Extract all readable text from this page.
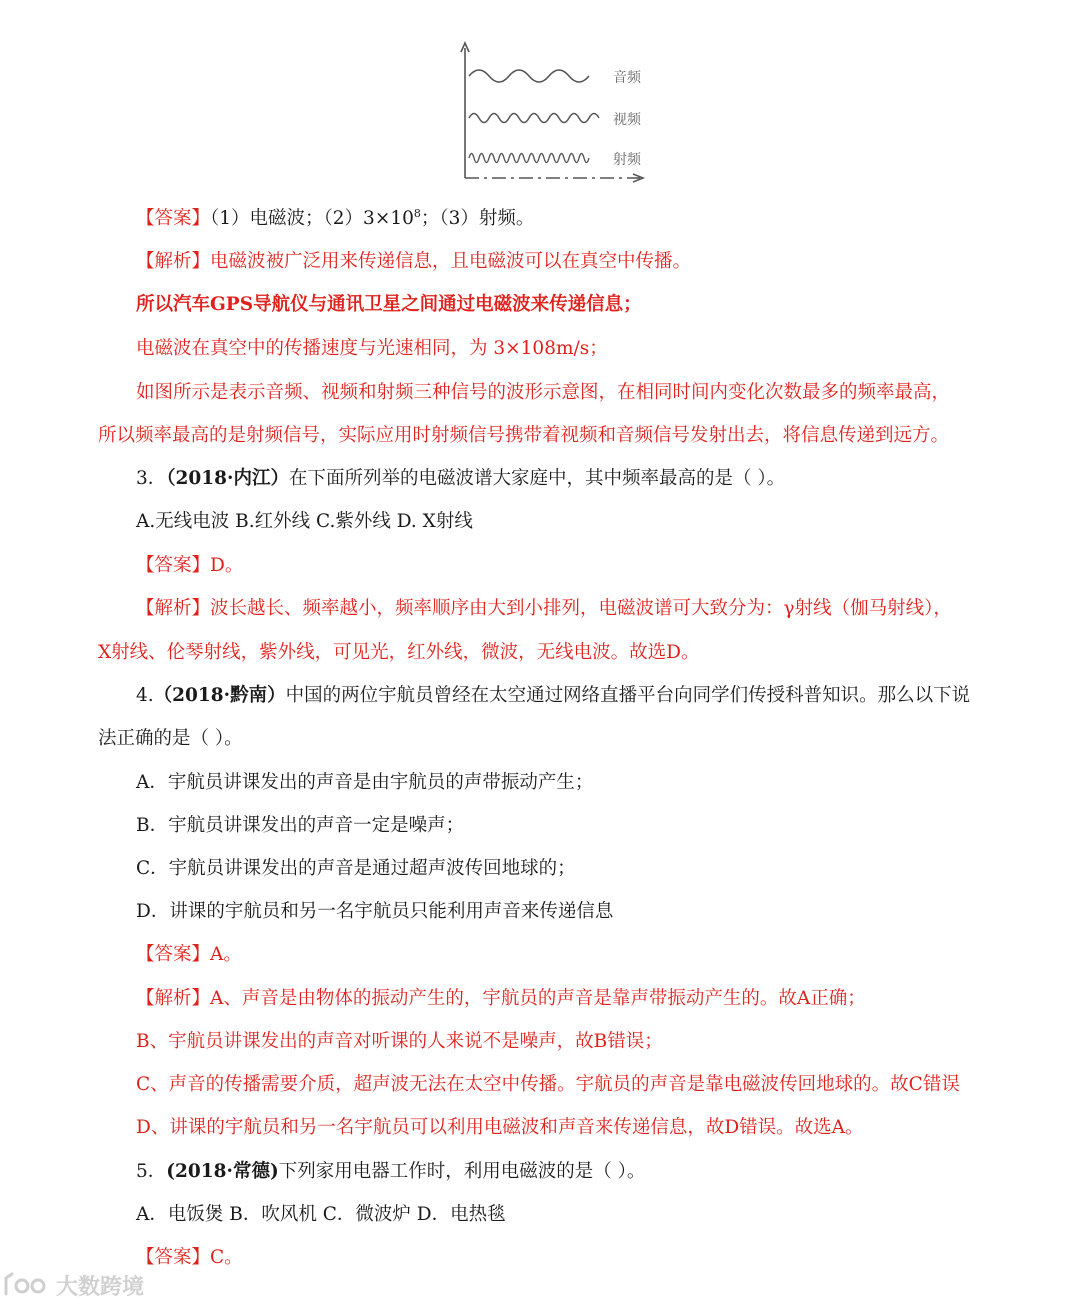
音频
视频
射频
【答案】（1）电磁波；$(2)3\times 10^8$；（3）射频。
【解析】电磁波被广泛用来传递信息，且电磁波可以在真空中传播。
所以汽车GPS导航仪与通讯卫星之间通过电磁波来传递信息；
电磁波在真空中的传播速度与光速相同，为 3×108m/s；
如图所示是表示音频、视频和射频三种信号的波形示意图，在相同时间内变化次数最多的频率最高，
所以频率最高的是射频信号，实际应用时射频信号携带着视频和音频信号发射出去，将信息传递到远方。
3．（2018·内江）在下面所列举的电磁波谱大家庭中，其中频率最高的是（ ）。
A.无线电波 B.红外线 C.紫外线 D. X射线
【答案】D。
【解析】波长越长、频率越小，频率顺序由大到小排列，电磁波谱可大致分为：γ射线（伽马射线），
X射线、伦琴射线，紫外线，可见光，红外线，微波，无线电波。故选D。
4.（2018·黔南）中国的两位宇航员曾经在太空通过网络直播平台向同学们传授科普知识。那么以下说
法正确的是（ ）。
A．宇航员讲课发出的声音是由宇航员的声带振动产生；
B．宇航员讲课发出的声音一定是噪声；
C．宇航员讲课发出的声音是通过超声波传回地球的；
D．讲课的宇航员和另一名宇航员只能利用声音来传递信息
【答案】A。
【解析】A、声音是由物体的振动产生的，宇航员的声音是靠声带振动产生的。故A正确；
B、宇航员讲课发出的声音对听课的人来说不是噪声，故B错误；
C、声音的传播需要介质，超声波无法在太空中传播。宇航员的声音是靠电磁波传回地球的。故C错误
D、讲课的宇航员和另一名宇航员可以利用电磁波和声音来传递信息，故D错误。故选A。
5．(2018·常德)下列家用电器工作时，利用电磁波的是（ ）。
A．电饭煲 B．吹风机 C．微波炉 D．电热毯
【答案】C。
大数跨境
